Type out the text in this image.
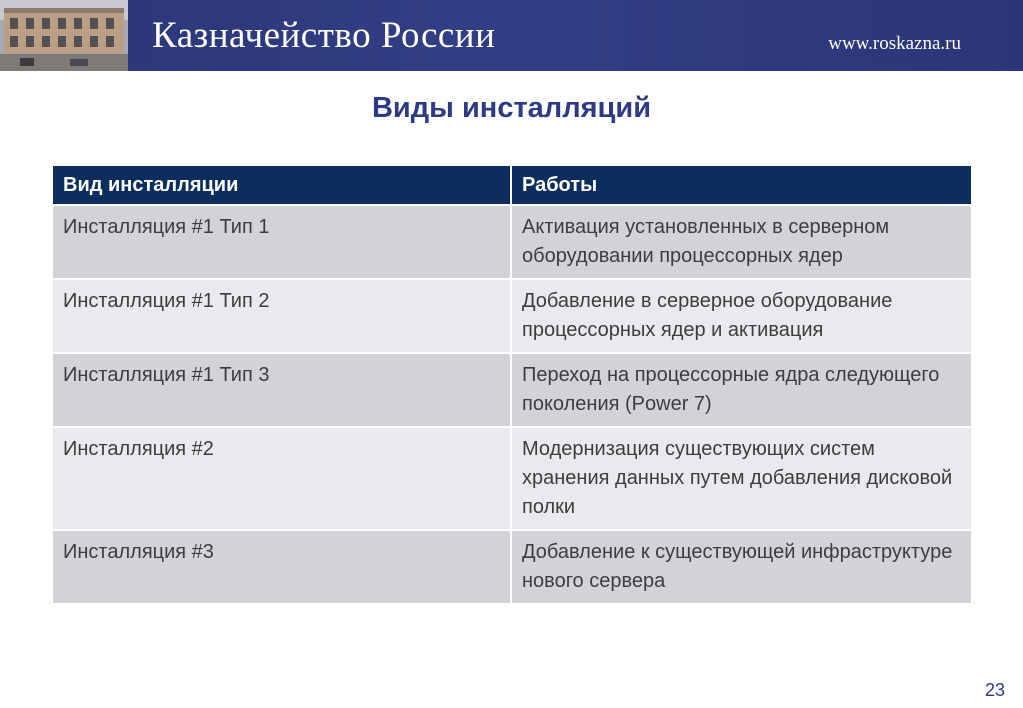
Казначейство России	www.roskazna.ru
Виды инсталляций
Вид инсталляции	Работы
Инсталляция #1 Тип 1	Активация установленных в серверном оборудовании процессорных ядер
Инсталляция #1 Тип 2	Добавление в серверное оборудование процессорных ядер и активация
Инсталляция #1 Тип 3	Переход на процессорные ядра следующего поколения (Power 7)
Инсталляция #2	Модернизация существующих систем хранения данных путем добавления дисковой полки
Инсталляция #3	Добавление к существующей инфраструктуре нового сервера
23
